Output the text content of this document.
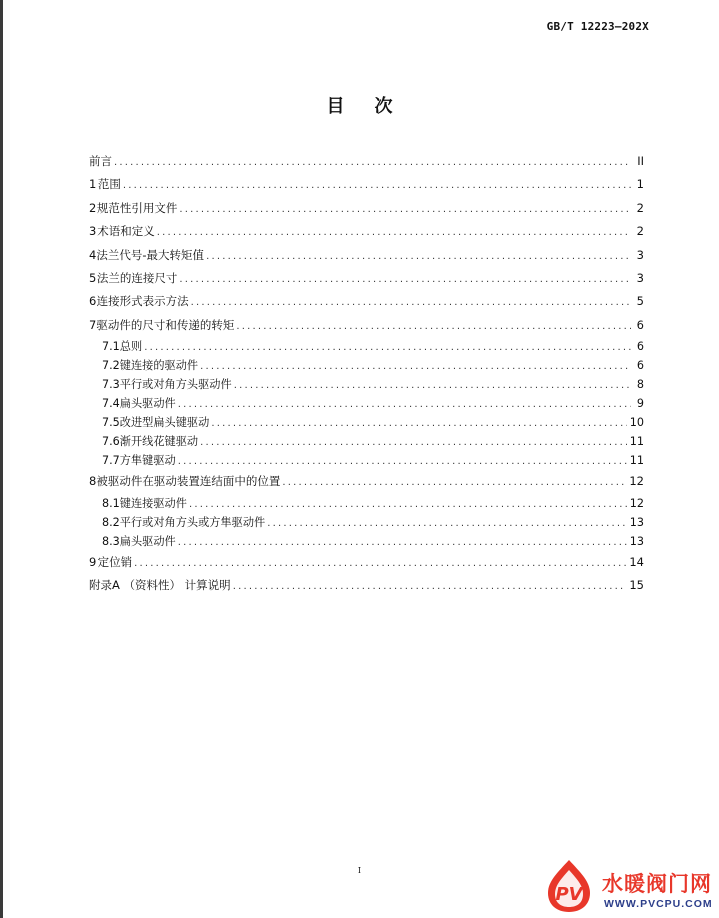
GB/T 12223—202X
目次
前言 .....	II
1 范围 .....	1
2 规范性引用文件 .....	2
3 术语和定义 .....	2
4 法兰代号-最大转矩值 .....	3
5 法兰的连接尺寸 .....	3
6 连接形式表示方法 .....	5
7 驱动件的尺寸和传递的转矩 .....	6
7.1 总则 .....	6
7.2 键连接的驱动件 .....	6
7.3 平行或对角方头驱动件 .....	8
7.4 扁头驱动件 .....	9
7.5 改进型扁头键驱动 .....	10
7.6 渐开线花键驱动 .....	11
7.7 方隼键驱动 .....	11
8 被驱动件在驱动装置连结面中的位置 .....	12
8.1 键连接驱动件 .....	12
8.2 平行或对角方头或方隼驱动件 .....	13
8.3 扁头驱动件 .....	13
9 定位销 .....	14
附录A （资料性） 计算说明 .....	15
I
PV 水暖阀门网
WWW.PVCPU.COM
